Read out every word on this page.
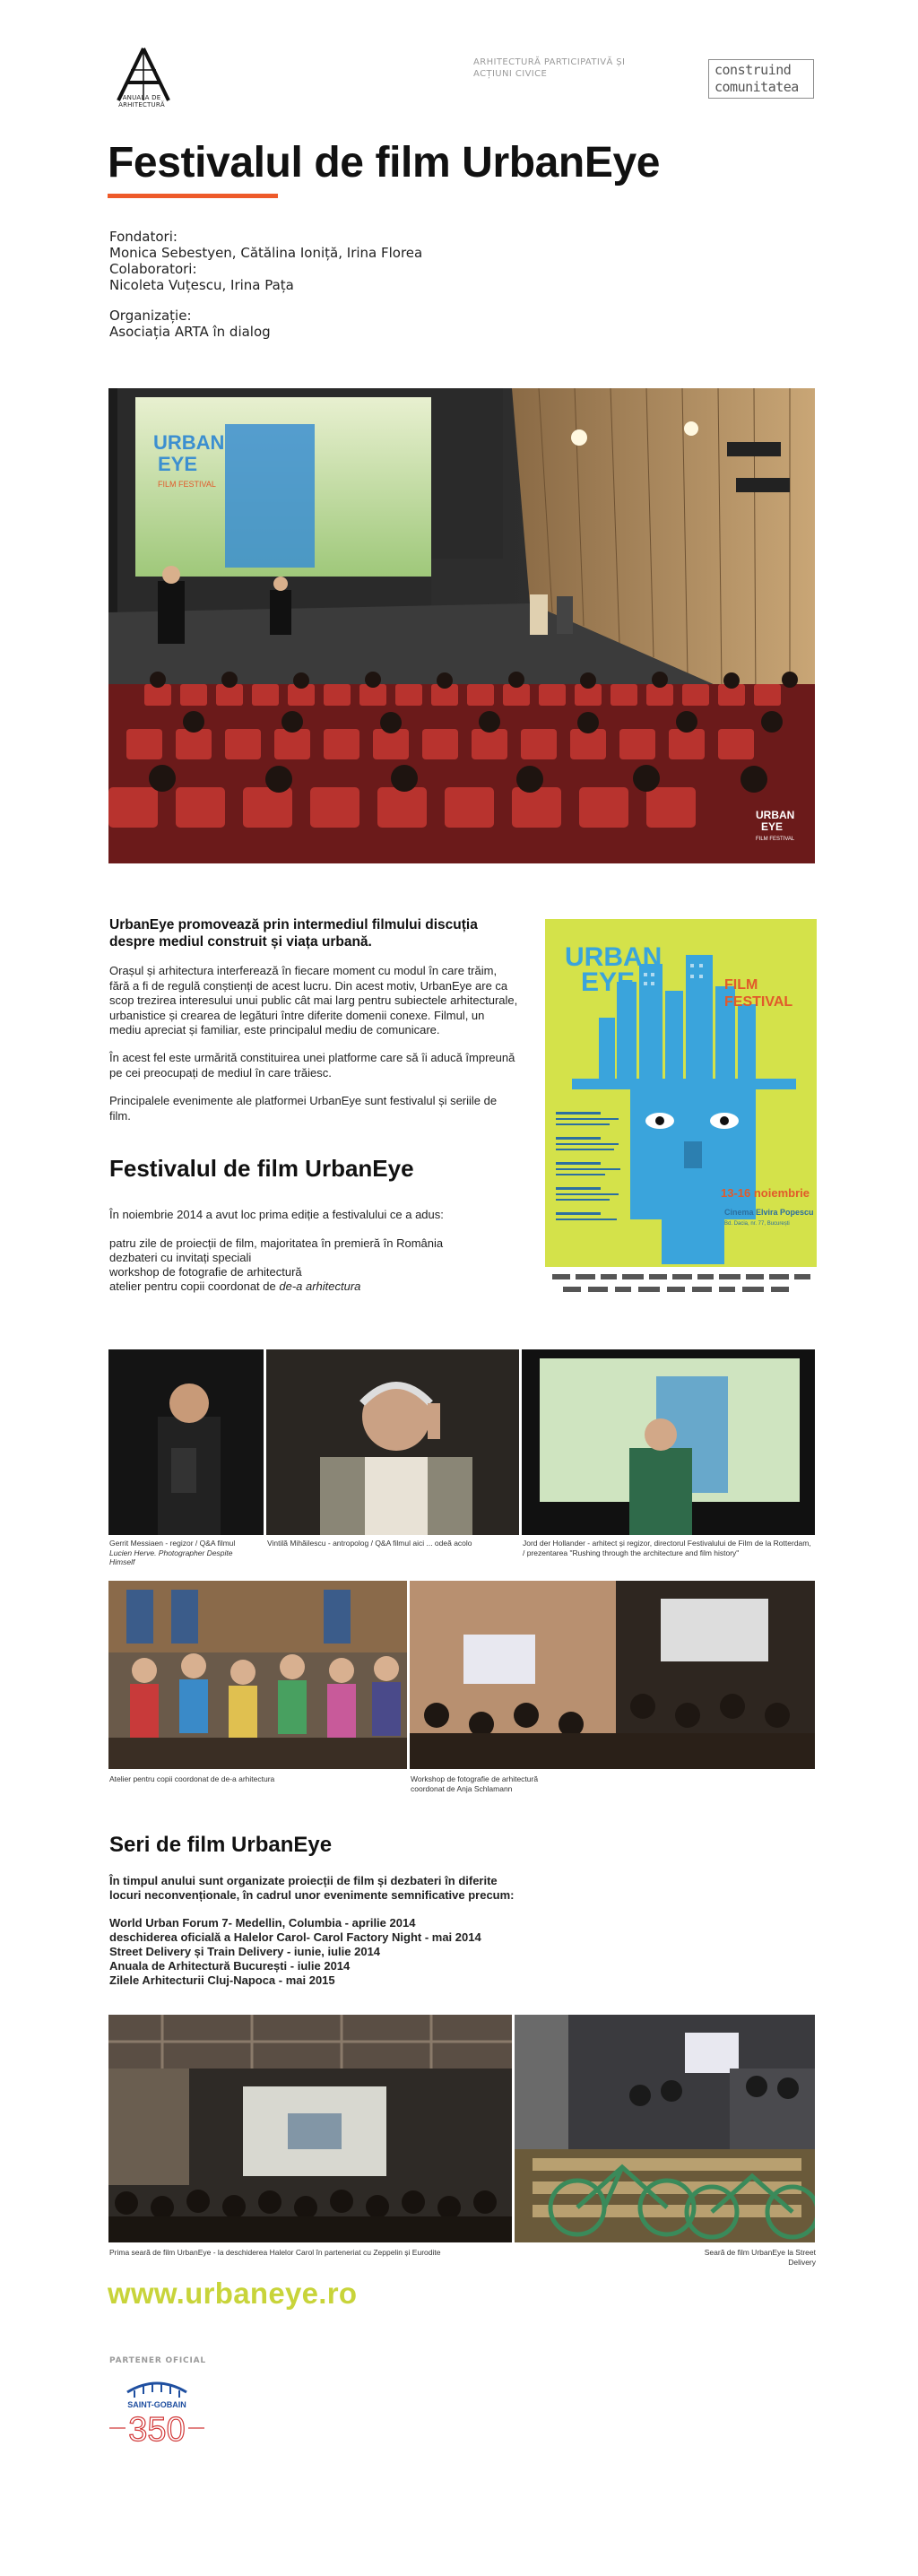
ANUALA DE ARHITECTURĂ
ARHITECTURĂ PARTICIPATIVĂ ȘI
ACȚIUNI CIVICE	construind
comunitatea
Festivalul de film UrbanEye
Fondatori:
Monica Sebestyen, Cătălina Ioniță, Irina Florea
Colaboratori:
Nicoleta Vuțescu, Irina Pața
Organizație:
Asociația ARTA în dialog
URBAN
EYE
FILM FESTIVAL
URBAN
EYE
FILM FESTIVAL
UrbanEye promovează prin intermediul filmului discuția
despre mediul construit și viața urbană.
Orașul și arhitectura interferează în fiecare moment cu modul în care trăim,
fără a fi de regulă conștienți de acest lucru. Din acest motiv, UrbanEye are ca
scop trezirea interesului unui public cât mai larg pentru subiectele arhitecturale,
urbanistice și crearea de legături între diferite domenii conexe. Filmul, un
mediu apreciat și familiar, este principalul mediu de comunicare.
În acest fel este urmărită constituirea unei platforme care să îi aducă împreună
pe cei preocupați de mediul în care trăiesc.
Principalele evenimente ale platformei UrbanEye sunt festivalul și seriile de
film.
Festivalul de film UrbanEye
În noiembrie 2014 a avut loc prima ediție a festivalului ce a adus:
patru zile de proiecții de film, majoritatea în premieră în România
dezbateri cu invitați speciali
workshop de fotografie de arhitectură
atelier pentru copii coordonat de de-a arhitectura
URBAN
EYE	FILM
FESTIVAL
13-16 noiembrie
Cinema Elvira Popescu
Bd. Dacia, nr. 77, București
Gerrit Messiaen - regizor / Q&A filmul
Lucien Herve. Photographer Despite
Himself
Vintilă Mihăilescu - antropolog / Q&A filmul aici ... odeă acolo	Jord der Hollander - arhitect și regizor, directorul Festivalului de Film de la Rotterdam,
/ prezentarea "Rushing through the architecture and film history"
Atelier pentru copii coordonat de de-a arhitectura	Workshop de fotografie de arhitectură
coordonat de Anja Schlamann
Seri de film UrbanEye
În timpul anului sunt organizate proiecții de film și dezbateri în diferite
locuri neconvenționale, în cadrul unor evenimente semnificative precum:
World Urban Forum 7- Medellin, Columbia - aprilie 2014
deschiderea oficială a Halelor Carol- Carol Factory Night - mai 2014
Street Delivery și Train Delivery - iunie, iulie 2014
Anuala de Arhitectură București - iulie 2014
Zilele Arhitecturii Cluj-Napoca - mai 2015
Prima seară de film UrbanEye - la deschiderea Halelor Carol în parteneriat cu Zeppelin și Eurodite	Seară de film UrbanEye la Street Delivery
www.urbaneye.ro
PARTENER OFICIAL
SAINT-GOBAIN
350
